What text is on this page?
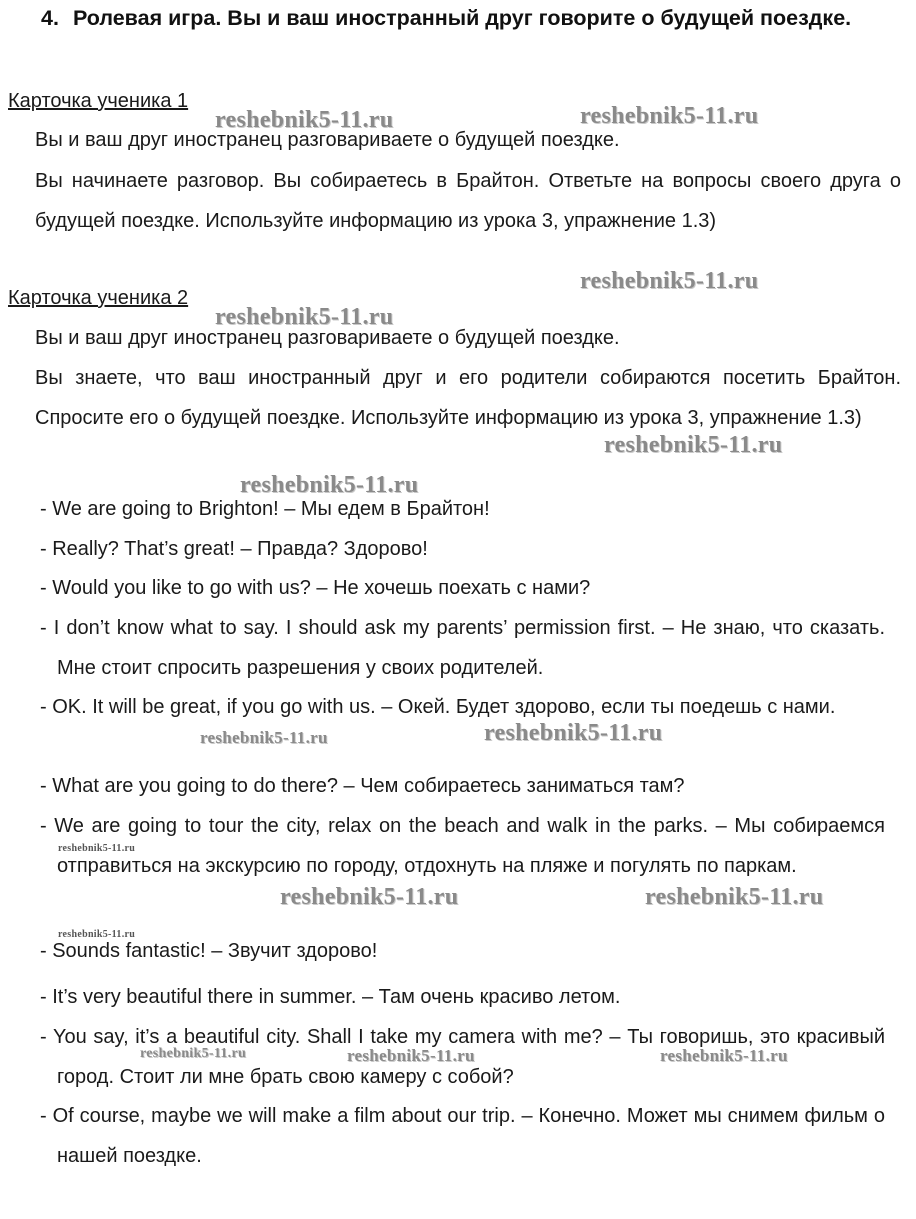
4. Ролевая игра. Вы и ваш иностранный друг говорите о будущей поездке.
Карточка ученика 1
Вы и ваш друг иностранец разговариваете о будущей поездке.
Вы начинаете разговор. Вы собираетесь в Брайтон. Ответьте на вопросы своего друга о будущей поездке. Используйте информацию из урока 3, упражнение 1.3)
Карточка ученика 2
Вы и ваш друг иностранец разговариваете о будущей поездке.
Вы знаете, что ваш иностранный друг и его родители собираются посетить Брайтон. Спросите его о будущей поездке. Используйте информацию из урока 3, упражнение 1.3)
- We are going to Brighton! – Мы едем в Брайтон!
- Really? That’s great! – Правда? Здорово!
- Would you like to go with us? – Не хочешь поехать с нами?
- I don’t know what to say. I should ask my parents’ permission first. – Не знаю, что сказать. Мне стоит спросить разрешения у своих родителей.
- OK. It will be great, if you go with us. – Окей. Будет здорово, если ты поедешь с нами.
- What are you going to do there? – Чем собираетесь заниматься там?
- We are going to tour the city, relax on the beach and walk in the parks. – Мы собираемся отправиться на экскурсию по городу, отдохнуть на пляже и погулять по паркам.
- Sounds fantastic! – Звучит здорово!
- It’s very beautiful there in summer. – Там очень красиво летом.
- You say, it’s a beautiful city. Shall I take my camera with me? – Ты говоришь, это красивый город. Стоит ли мне брать свою камеру с собой?
- Of course, maybe we will make a film about our trip. – Конечно. Может мы снимем фильм о нашей поездке.
reshebnik5-11.ru	reshebnik5-11.ru
reshebnik5-11.ru
reshebnik5-11.ru
reshebnik5-11.ru
reshebnik5-11.ru
reshebnik5-11.ru	reshebnik5-11.ru
reshebnik5-11.ru
reshebnik5-11.ru	reshebnik5-11.ru
reshebnik5-11.ru
reshebnik5-11.ru	reshebnik5-11.ru	reshebnik5-11.ru
